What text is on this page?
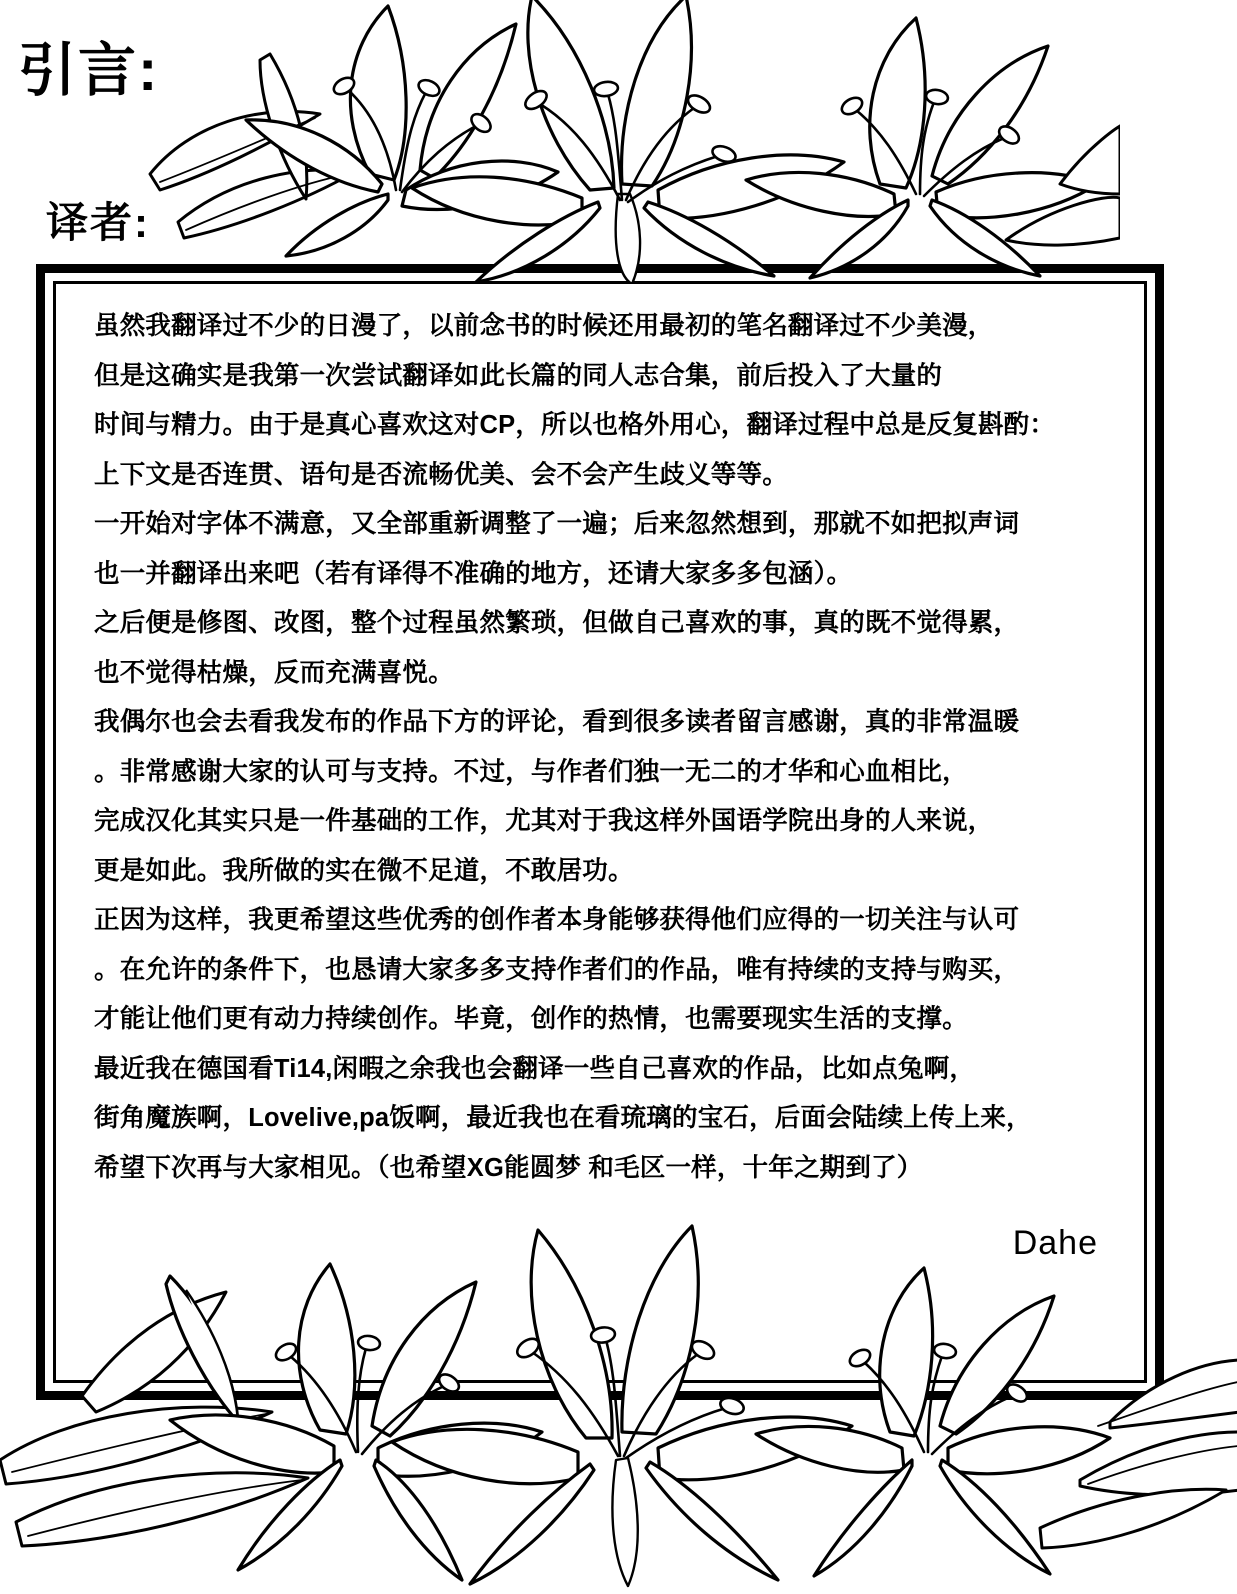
引言:
译者:
虽然我翻译过不少的日漫了，以前念书的时候还用最初的笔名翻译过不少美漫，
但是这确实是我第一次尝试翻译如此长篇的同人志合集，前后投入了大量的
时间与精力。由于是真心喜欢这对CP，所以也格外用心，翻译过程中总是反复斟酌：
上下文是否连贯、语句是否流畅优美、会不会产生歧义等等。
一开始对字体不满意，又全部重新调整了一遍；后来忽然想到，那就不如把拟声词
也一并翻译出来吧（若有译得不准确的地方，还请大家多多包涵）。
之后便是修图、改图，整个过程虽然繁琐，但做自己喜欢的事，真的既不觉得累，
也不觉得枯燥，反而充满喜悦。
我偶尔也会去看我发布的作品下方的评论，看到很多读者留言感谢，真的非常温暖
。非常感谢大家的认可与支持。不过，与作者们独一无二的才华和心血相比，
完成汉化其实只是一件基础的工作，尤其对于我这样外国语学院出身的人来说，
更是如此。我所做的实在微不足道，不敢居功。
正因为这样，我更希望这些优秀的创作者本身能够获得他们应得的一切关注与认可
。在允许的条件下，也恳请大家多多支持作者们的作品，唯有持续的支持与购买，
才能让他们更有动力持续创作。毕竟，创作的热情，也需要现实生活的支撑。
最近我在德国看Ti14,闲暇之余我也会翻译一些自己喜欢的作品，比如点兔啊，
街角魔族啊，Lovelive,pa饭啊，最近我也在看琉璃的宝石，后面会陆续上传上来，
希望下次再与大家相见。（也希望XG能圆梦 和毛区一样，十年之期到了）
Dahe
